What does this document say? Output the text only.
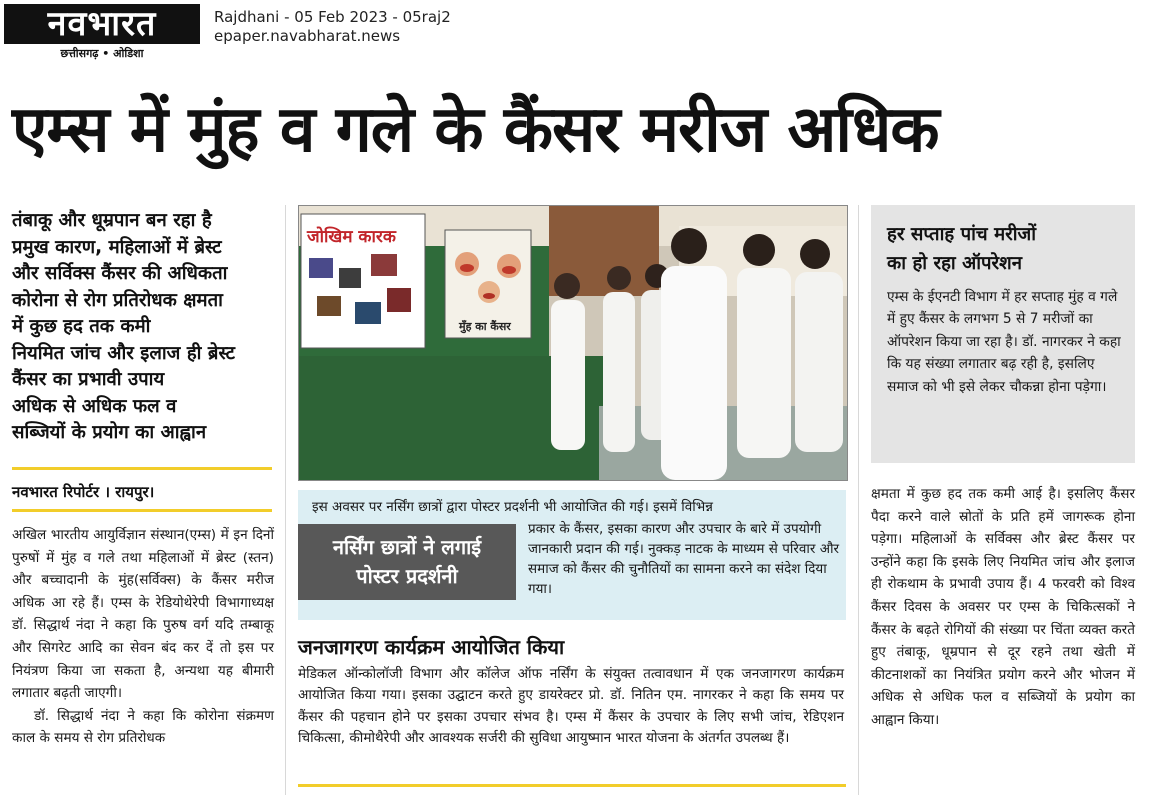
नवभारत
छत्तीसगढ़ • ओडिशा
Rajdhani - 05 Feb 2023 - 05raj2
epaper.navabharat.news
एम्स में मुंह व गले के कैंसर मरीज अधिक
तंबाकू और धूम्रपान बन रहा है
प्रमुख कारण, महिलाओं में ब्रेस्ट
और सर्विक्स कैंसर की अधिकता
कोरोना से रोग प्रतिरोधक क्षमता
में कुछ हद तक कमी
नियमित जांच और इलाज ही ब्रेस्ट
कैंसर का प्रभावी उपाय
अधिक से अधिक फल व
सब्जियों के प्रयोग का आह्वान
नवभारत रिपोर्टर । रायपुर।

अखिल भारतीय आयुर्विज्ञान संस्थान(एम्स) में इन दिनों पुरुषों में मुंह व गले तथा महिलाओं में ब्रेस्ट (स्तन) और बच्चादानी के मुंह(सर्विक्स) के कैंसर मरीज अधिक आ रहे हैं। एम्स के रेडियोथेरेपी विभागाध्यक्ष डॉ. सिद्धार्थ नंदा ने कहा कि पुरुष वर्ग यदि तम्बाकू और सिगरेट आदि का सेवन बंद कर दें तो इस पर नियंत्रण किया जा सकता है, अन्यथा यह बीमारी लगातार बढ़ती जाएगी।

डॉ. सिद्धार्थ नंदा ने कहा कि कोरोना संक्रमण काल के समय से रोग प्रतिरोधक

जोखिम कारक
मुँह का कैंसर
इस अवसर पर नर्सिंग छात्रों द्वारा पोस्टर प्रदर्शनी भी आयोजित की गई। इसमें विभिन्न
प्रकार के कैंसर, इसका कारण और उपचार के बारे में उपयोगी जानकारी प्रदान की गई। नुक्कड़ नाटक के माध्यम से परिवार और समाज को कैंसर की चुनौतियों का सामना करने का संदेश दिया गया।
नर्सिंग छात्रों ने लगाई
पोस्टर प्रदर्शनी
जनजागरण कार्यक्रम आयोजित किया
मेडिकल ऑन्कोलॉजी विभाग और कॉलेज ऑफ नर्सिंग के संयुक्त तत्वावधान में एक जनजागरण कार्यक्रम आयोजित किया गया। इसका उद्घाटन करते हुए डायरेक्टर प्रो. डॉ. नितिन एम. नागरकर ने कहा कि समय पर कैंसर की पहचान होने पर इसका उपचार संभव है। एम्स में कैंसर के उपचार के लिए सभी जांच, रेडिएशन चिकित्सा, कीमोथैरेपी और आवश्यक सर्जरी की सुविधा आयुष्मान भारत योजना के अंतर्गत उपलब्ध हैं।
हर सप्ताह पांच मरीजों
का हो रहा ऑपरेशन
एम्स के ईएनटी विभाग में हर सप्ताह मुंह व गले में हुए कैंसर के लगभग 5 से 7 मरीजों का ऑपरेशन किया जा रहा है। डॉ. नागरकर ने कहा कि यह संख्या लगातार बढ़ रही है, इसलिए समाज को भी इसे लेकर चौकन्ना होना पड़ेगा।
क्षमता में कुछ हद तक कमी आई है। इसलिए कैंसर पैदा करने वाले स्रोतों के प्रति हमें जागरूक होना पड़ेगा। महिलाओं के सर्विक्स और ब्रेस्ट कैंसर पर उन्होंने कहा कि इसके लिए नियमित जांच और इलाज ही रोकथाम के प्रभावी उपाय हैं। 4 फरवरी को विश्व कैंसर दिवस के अवसर पर एम्स के चिकित्सकों ने कैंसर के बढ़ते रोगियों की संख्या पर चिंता व्यक्त करते हुए तंबाकू, धूम्रपान से दूर रहने तथा खेती में कीटनाशकों का नियंत्रित प्रयोग करने और भोजन में अधिक से अधिक फल व सब्जियों के प्रयोग का आह्वान किया।
